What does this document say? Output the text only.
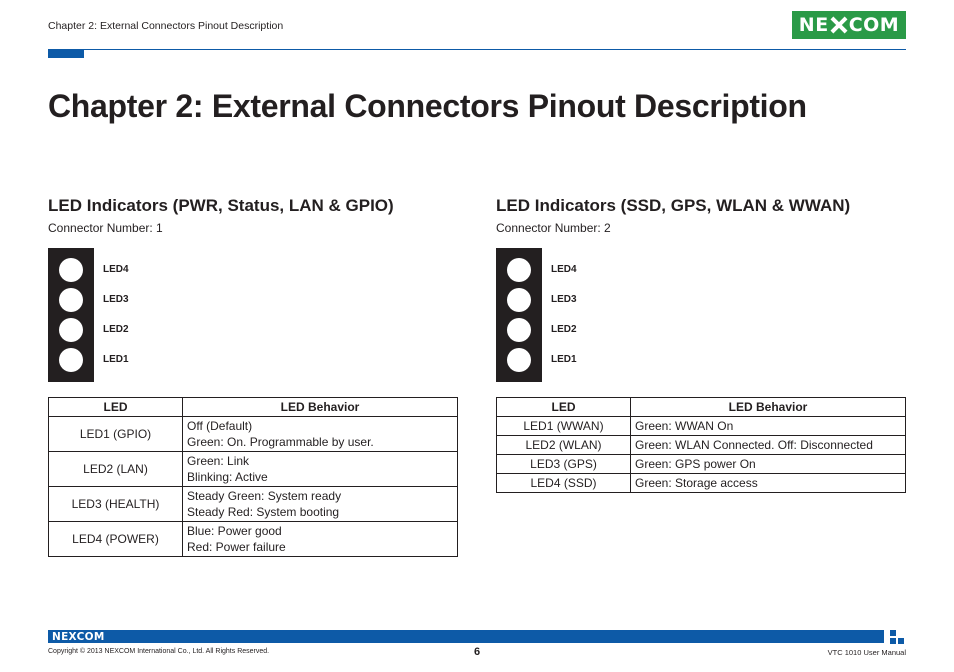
Chapter 2: External Connectors Pinout Description	NE COM
Chapter 2: External Connectors Pinout Description
LED Indicators (PWR, Status, LAN & GPIO)
Connector Number: 1
LED4
LED3
LED2
LED1
LED	LED Behavior
LED1 (GPIO)	Off (Default)
Green: On. Programmable by user.

LED2 (LAN)	Green: Link
Blinking: Active

LED3 (HEALTH)	Steady Green: System ready
Steady Red: System booting

LED4 (POWER)	Blue: Power good
Red: Power failure
LED Indicators (SSD, GPS, WLAN & WWAN)
Connector Number: 2
LED4
LED3
LED2
LED1
LED	LED Behavior
LED1 (WWAN)	Green: WWAN On
LED2 (WLAN)	Green: WLAN Connected. Off: Disconnected
LED3 (GPS)	Green: GPS power On
LED4 (SSD)	Green: Storage access
NEXCOM
Copyright © 2013 NEXCOM International Co., Ltd. All Rights Reserved.	6	VTC 1010 User Manual
